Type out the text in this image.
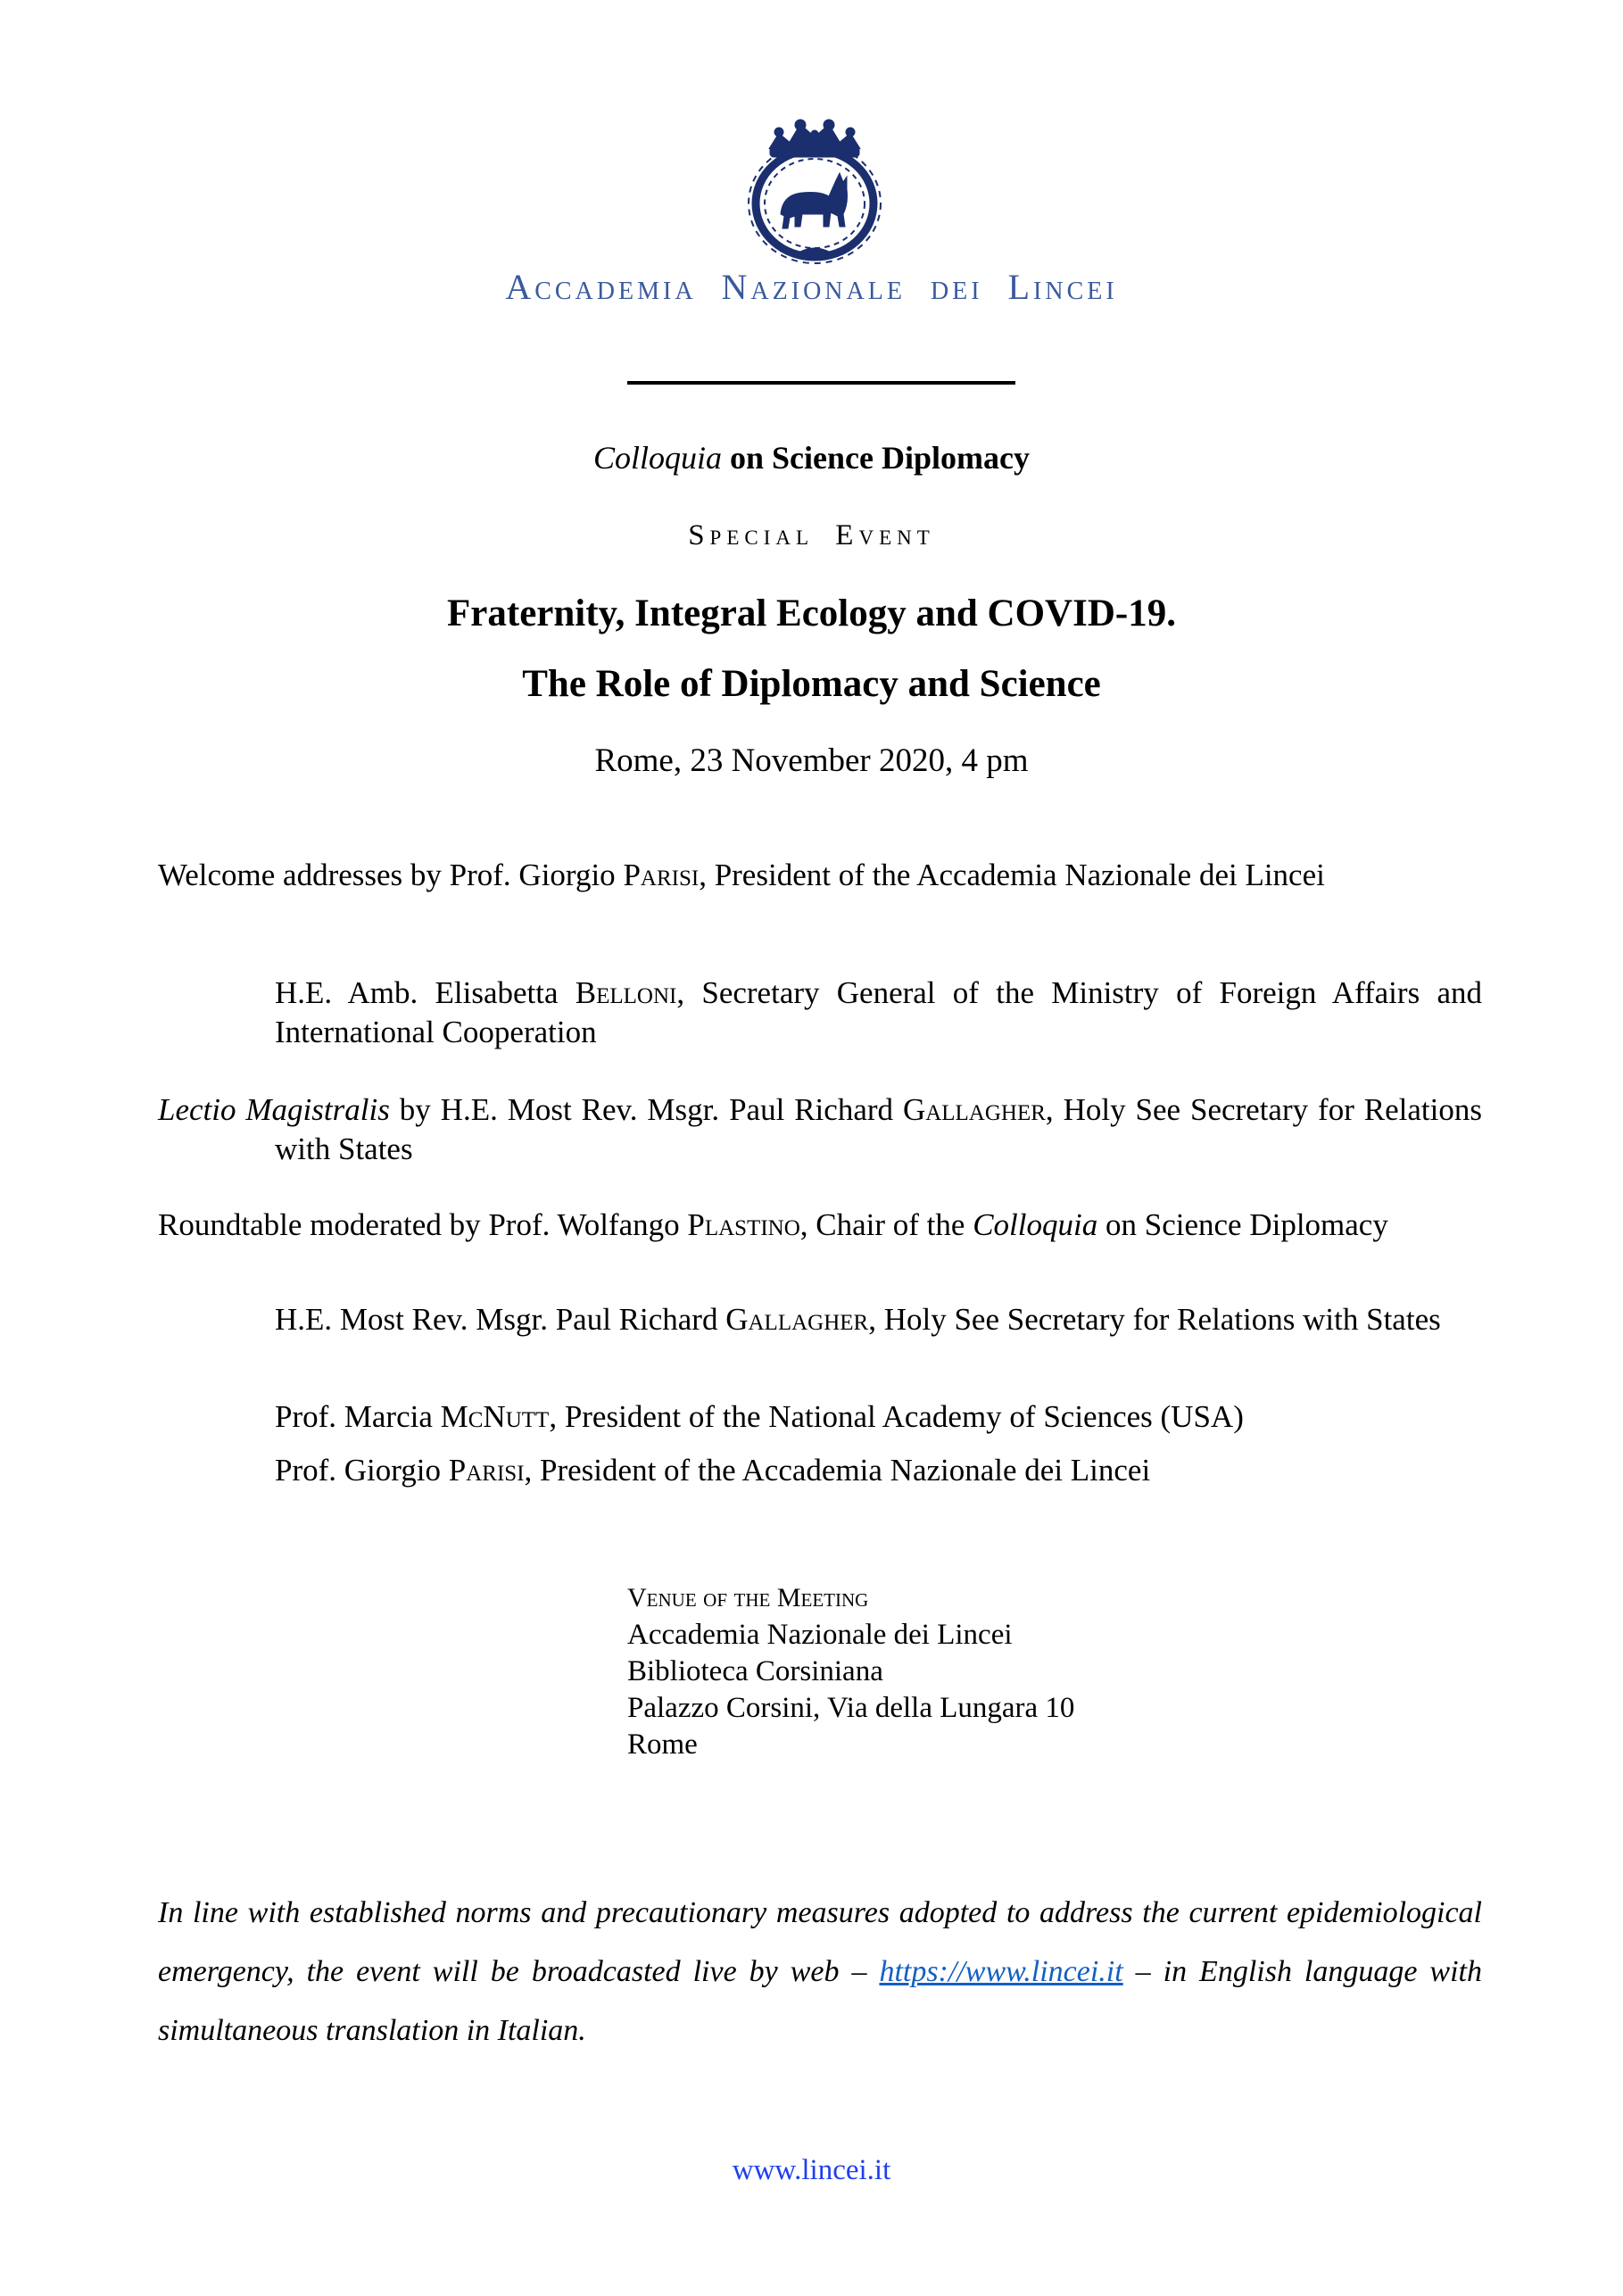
Accademia Nazionale dei Lincei
Colloquia on Science Diplomacy
Special Event
Fraternity, Integral Ecology and COVID-19.
The Role of Diplomacy and Science
Rome, 23 November 2020, 4 pm
Welcome addresses by Prof. Giorgio Parisi, President of the Accademia Nazionale dei Lincei
H.E. Amb. Elisabetta Belloni, Secretary General of the Ministry of Foreign Affairs and International Cooperation
Lectio Magistralis by H.E. Most Rev. Msgr. Paul Richard Gallagher, Holy See Secretary for Relations with States
Roundtable moderated by Prof. Wolfango Plastino, Chair of the Colloquia on Science Diplomacy
H.E. Most Rev. Msgr. Paul Richard Gallagher, Holy See Secretary for Relations with States
Prof. Marcia McNutt, President of the National Academy of Sciences (USA)
Prof. Giorgio Parisi, President of the Accademia Nazionale dei Lincei
Venue of the Meeting
Accademia Nazionale dei Lincei
Biblioteca Corsiniana
Palazzo Corsini, Via della Lungara 10
Rome
In line with established norms and precautionary measures adopted to address the current epidemiological emergency, the event will be broadcasted live by web – https://www.lincei.it – in English language with simultaneous translation in Italian.
www.lincei.it
